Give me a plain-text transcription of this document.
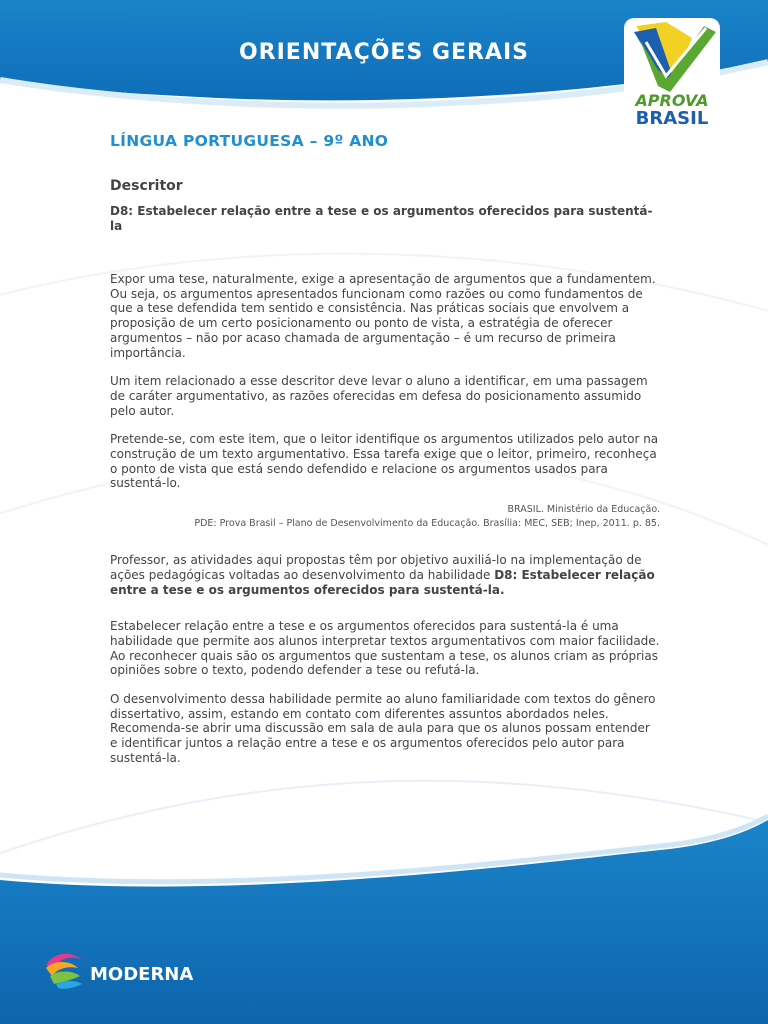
ORIENTAÇÕES GERAIS
APROVA
BRASIL
MODERNA
LÍNGUA PORTUGUESA – 9º ANO
Descritor
D8: Estabelecer relação entre a tese e os argumentos oferecidos para sustentá-la

Expor uma tese, naturalmente, exige a apresentação de argumentos que a fundamentem. Ou seja, os argumentos apresentados funcionam como razões ou como fundamentos de que a tese defendida tem sentido e consistência. Nas práticas sociais que envolvem a proposição de um certo posicionamento ou ponto de vista, a estratégia de oferecer argumentos – não por acaso chamada de argumentação – é um recurso de primeira importância.

Um item relacionado a esse descritor deve levar o aluno a identificar, em uma passagem de caráter argumentativo, as razões oferecidas em defesa do posicionamento assumido pelo autor.

Pretende-se, com este item, que o leitor identifique os argumentos utilizados pelo autor na construção de um texto argumentativo. Essa tarefa exige que o leitor, primeiro, reconheça o ponto de vista que está sendo defendido e relacione os argumentos usados para sustentá-lo.

BRASIL. Ministério da Educação.
PDE: Prova Brasil – Plano de Desenvolvimento da Educação. Brasília: MEC, SEB; Inep, 2011. p. 85.

Professor, as atividades aqui propostas têm por objetivo auxiliá-lo na implementação de ações pedagógicas voltadas ao desenvolvimento da habilidade D8: Estabelecer relação entre a tese e os argumentos oferecidos para sustentá-la.

Estabelecer relação entre a tese e os argumentos oferecidos para sustentá-la é uma habilidade que permite aos alunos interpretar textos argumentativos com maior facilidade. Ao reconhecer quais são os argumentos que sustentam a tese, os alunos criam as próprias opiniões sobre o texto, podendo defender a tese ou refutá-la.

O desenvolvimento dessa habilidade permite ao aluno familiaridade com textos do gênero dissertativo, assim, estando em contato com diferentes assuntos abordados neles. Recomenda-se abrir uma discussão em sala de aula para que os alunos possam entender e identificar juntos a relação entre a tese e os argumentos oferecidos pelo autor para sustentá-la.
